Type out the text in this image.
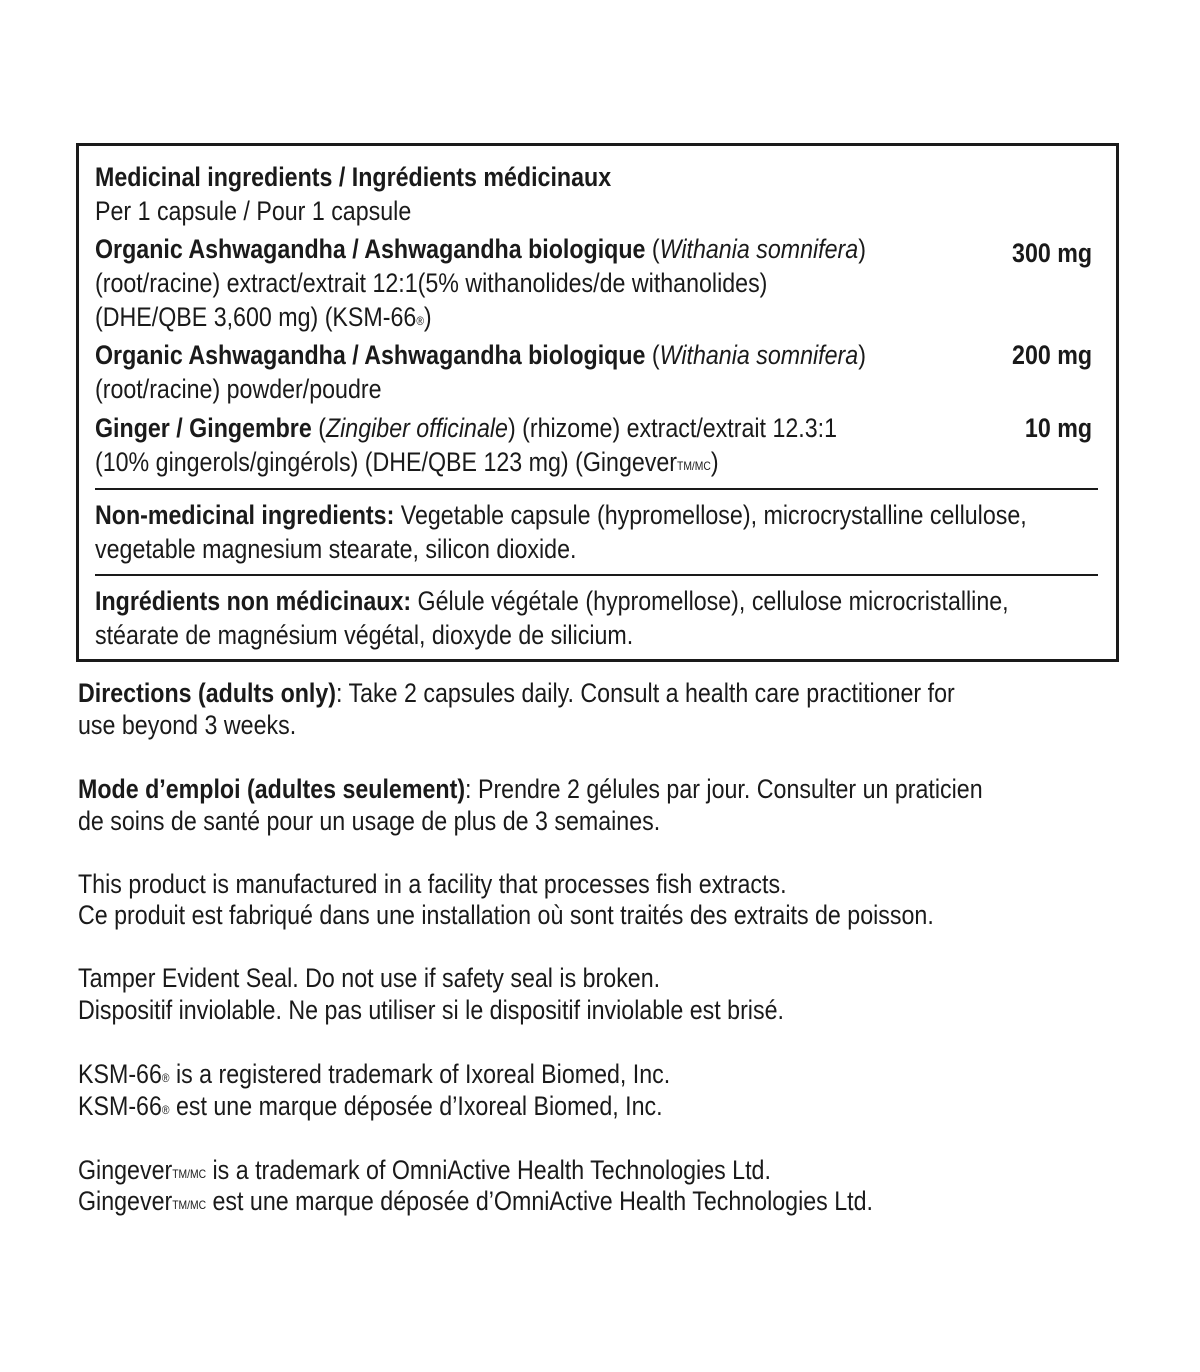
Medicinal ingredients / Ingrédients médicinaux
Per 1 capsule / Pour 1 capsule
Organic Ashwagandha / Ashwagandha biologique (Withania somnifera)	300 mg
(root/racine) extract/extrait 12:1(5% withanolides/de withanolides)
(DHE/QBE 3,600 mg) (KSM-66®)
Organic Ashwagandha / Ashwagandha biologique (Withania somnifera)	200 mg
(root/racine) powder/poudre
Ginger / Gingembre (Zingiber officinale) (rhizome) extract/extrait 12.3:1	10 mg
(10% gingerols/gingérols) (DHE/QBE 123 mg) (Gingever$^{TM/MC}$)
Non-medicinal ingredients: Vegetable capsule (hypromellose), microcrystalline cellulose,
vegetable magnesium stearate, silicon dioxide.
Ingrédients non médicinaux: Gélule végétale (hypromellose), cellulose microcristalline,
stéarate de magnésium végétal, dioxyde de silicium.
Directions (adults only): Take 2 capsules daily. Consult a health care practitioner for
use beyond 3 weeks.
Mode d’emploi (adultes seulement): Prendre 2 gélules par jour. Consulter un praticien
de soins de santé pour un usage de plus de 3 semaines.
This product is manufactured in a facility that processes fish extracts.
Ce produit est fabriqué dans une installation où sont traités des extraits de poisson.
Tamper Evident Seal. Do not use if safety seal is broken.
Dispositif inviolable. Ne pas utiliser si le dispositif inviolable est brisé.
KSM-66® is a registered trademark of Ixoreal Biomed, Inc.
KSM-66® est une marque déposée d’Ixoreal Biomed, Inc.
Gingever$^{TM/MC}$ is a trademark of OmniActive Health Technologies Ltd.
Gingever$^{TM/MC}$ est une marque déposée d’OmniActive Health Technologies Ltd.
